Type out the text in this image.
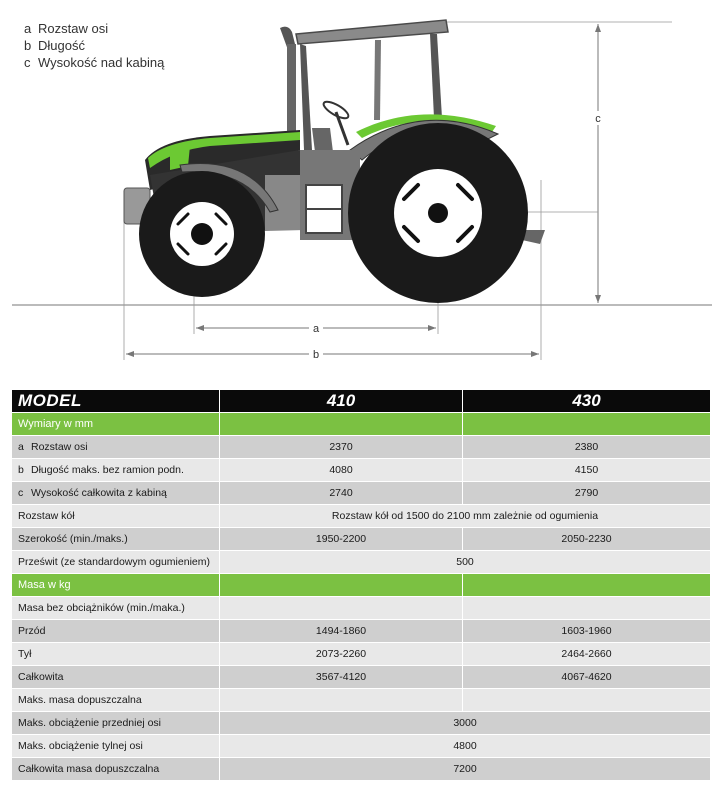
a Rozstaw osi
b Długość
c Wysokość nad kabiną
c
a
b
MODEL	410	430
Wymiary w mm		
a Rozstaw osi	2370	2380
b Długość maks. bez ramion podn.	4080	4150
c Wysokość całkowita z kabiną	2740	2790
Rozstaw kół	Rozstaw kół od 1500 do 2100 mm zależnie od ogumienia	
Szerokość (min./maks.)	1950-2200	2050-2230
Prześwit (ze standardowym ogumieniem)	500	
Masa w kg		
Masa bez obciążników (min./maka.)		
Przód	1494-1860	1603-1960
Tył	2073-2260	2464-2660
Całkowita	3567-4120	4067-4620
Maks. masa dopuszczalna		
Maks. obciążenie przedniej osi	3000	
Maks. obciążenie tylnej osi	4800	
Całkowita masa dopuszczalna	7200	
